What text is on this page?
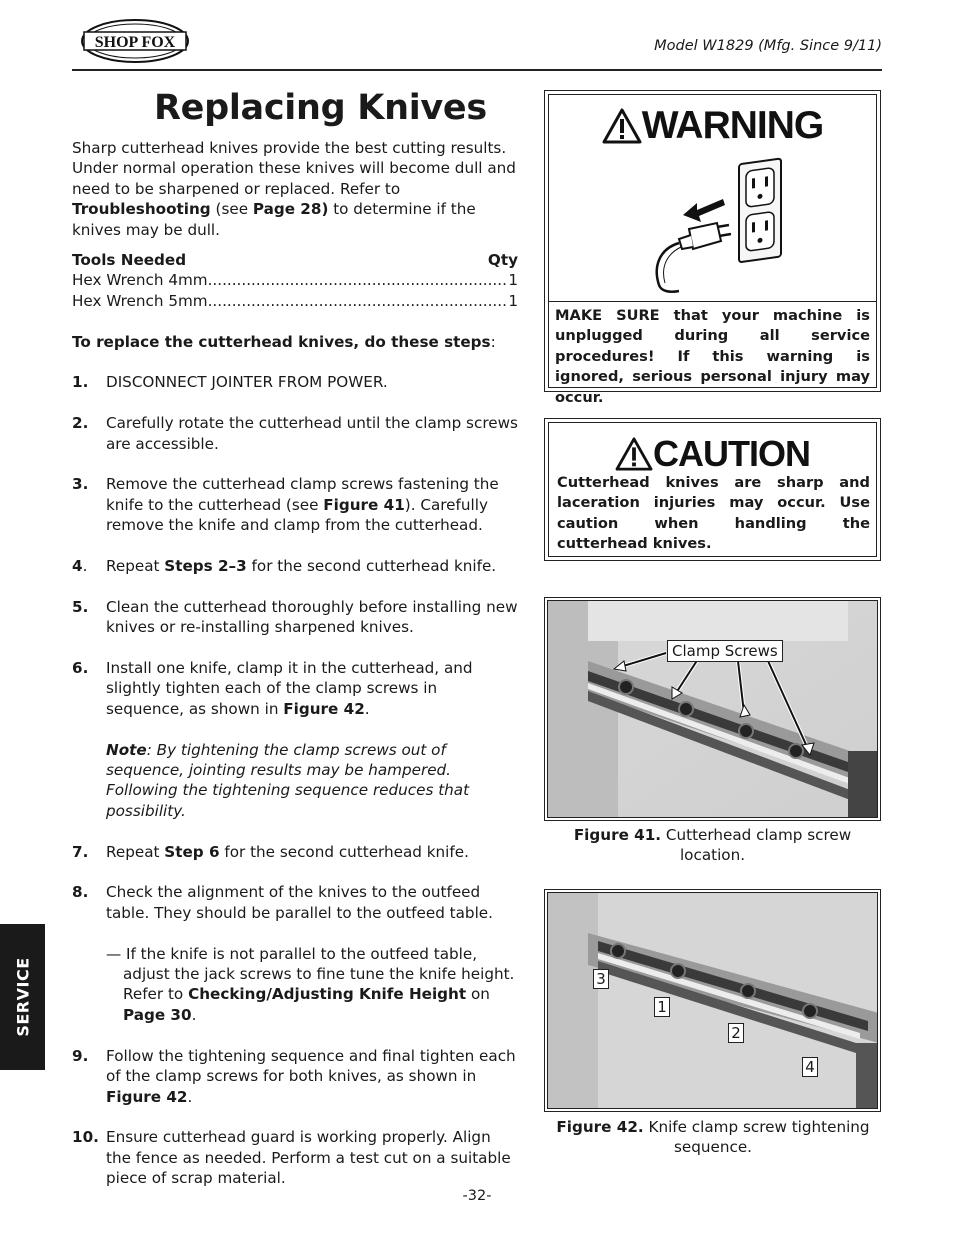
SHOP FOX	Model W1829 (Mfg. Since 9/11)
Replacing Knives

Sharp cutterhead knives provide the best cutting results. Under normal operation these knives will become dull and need to be sharpened or replaced. Refer to Troubleshooting (see Page 28) to determine if the knives may be dull.

Tools Needed	Qty
Hex Wrench 4mm .....	1
Hex Wrench 5mm .....	1

To replace the cutterhead knives, do these steps:

1.	DISCONNECT JOINTER FROM POWER.
2.	Carefully rotate the cutterhead until the clamp screws are accessible.
3.	Remove the cutterhead clamp screws fastening the knife to the cutterhead (see Figure 41). Carefully remove the knife and clamp from the cutterhead.
4.	Repeat Steps 2–3 for the second cutterhead knife.
5.	Clean the cutterhead thoroughly before installing new knives or re-installing sharpened knives.
6.	Install one knife, clamp it in the cutterhead, and slightly tighten each of the clamp screws in sequence, as shown in Figure 42.

Note: By tightening the clamp screws out of sequence, jointing results may be hampered. Following the tightening sequence reduces that possibility.

7.	Repeat Step 6 for the second cutterhead knife.
8.	Check the alignment of the knives to the outfeed table. They should be parallel to the outfeed table.

— If the knife is not parallel to the outfeed table, adjust the jack screws to fine tune the knife height. Refer to Checking/Adjusting Knife Height on Page 30.

9.	Follow the tightening sequence and final tighten each of the clamp screws for both knives, as shown in Figure 42.
10. Ensure cutterhead guard is working properly. Align the fence as needed. Perform a test cut on a suitable piece of scrap material.
SERVICE
WARNING
MAKE SURE that your machine is unplugged during all service procedures! If this warning is ignored, serious personal injury may occur.
CAUTION
Cutterhead knives are sharp and laceration injuries may occur. Use caution when handling the cutterhead knives.
Clamp Screws
Figure 41. Cutterhead clamp screw location.
3
1
2
4
Figure 42. Knife clamp screw tightening sequence.
-32-
